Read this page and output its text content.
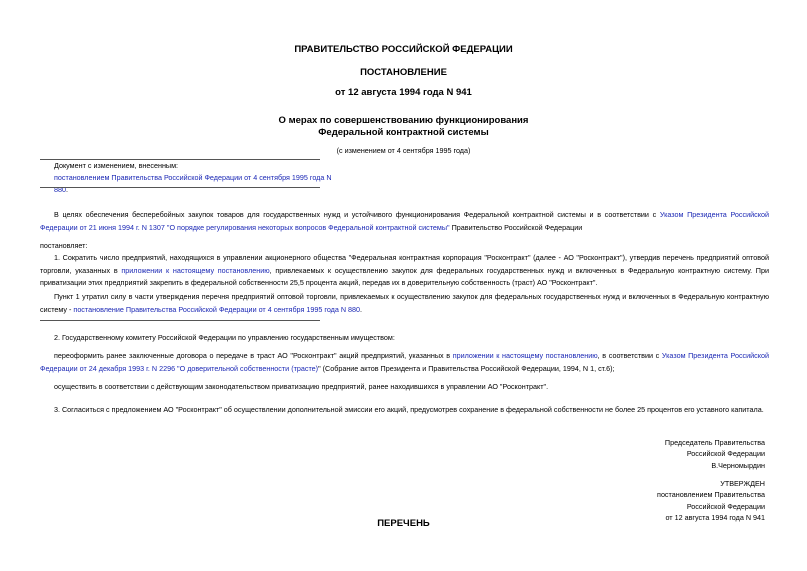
ПРАВИТЕЛЬСТВО РОССИЙСКОЙ ФЕДЕРАЦИИ
ПОСТАНОВЛЕНИЕ
от 12 августа 1994 года N 941
О мерах по совершенствованию функционирования
Федеральной контрактной системы
(с изменением от 4 сентября 1995 года)
Документ с изменением, внесенным:
постановлением Правительства Российской Федерации от 4 сентября 1995 года N 880.
В целях обеспечения бесперебойных закупок товаров для государственных нужд и устойчивого функционирования Федеральной контрактной системы и в соответствии с Указом Президента Российской Федерации от 21 июня 1994 г. N 1307 "О порядке регулирования некоторых вопросов Федеральной контрактной системы" Правительство Российской Федерации
постановляет:
1. Сократить число предприятий, находящихся в управлении акционерного общества "Федеральная контрактная корпорация "Росконтракт" (далее - АО "Росконтракт"), утвердив перечень предприятий оптовой торговли, указанных в приложении к настоящему постановлению, привлекаемых к осуществлению закупок для федеральных государственных нужд и включенных в Федеральную контрактную систему. При приватизации этих предприятий закрепить в федеральной собственности 25,5 процента акций, передав их в доверительную собственность (траст) АО "Росконтракт".
Пункт 1 утратил силу в части утверждения перечня предприятий оптовой торговли, привлекаемых к осуществлению закупок для федеральных государственных нужд и включенных в Федеральную контрактную систему - постановление Правительства Российской Федерации от 4 сентября 1995 года N 880.
2. Государственному комитету Российской Федерации по управлению государственным имуществом:
переоформить ранее заключенные договора о передаче в траст АО "Росконтракт" акций предприятий, указанных в приложении к настоящему постановлению, в соответствии с Указом Президента Российской Федерации от 24 декабря 1993 г. N 2296 "О доверительной собственности (трасте)" (Собрание актов Президента и Правительства Российской Федерации, 1994, N 1, ст.6);
осуществить в соответствии с действующим законодательством приватизацию предприятий, ранее находившихся в управлении АО "Росконтракт".
3. Согласиться с предложением АО "Росконтракт" об осуществлении дополнительной эмиссии его акций, предусмотрев сохранение в федеральной собственности не более 25 процентов его уставного капитала.
Председатель Правительства
Российской Федерации
В.Черномырдин
УТВЕРЖДЕН
постановлением Правительства
Российской Федерации
от 12 августа 1994 года N 941
ПЕРЕЧЕНЬ
